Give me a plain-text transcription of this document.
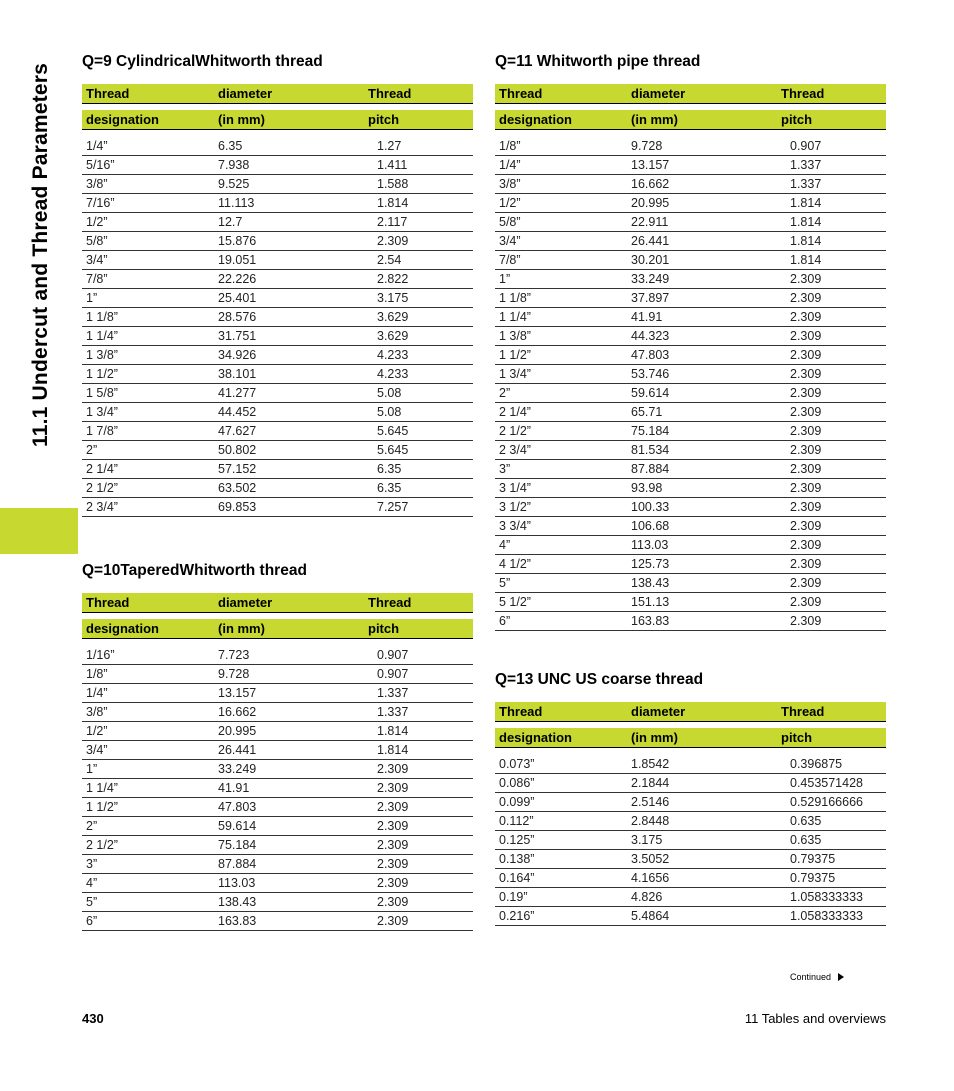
11.1 Undercut and Thread Parameters
Q=9 CylindricalWhitworth thread
Thread	diameter	Thread
designation	(in mm)	pitch
1/4”	6.35	1.27
5/16”	7.938	1.411
3/8”	9.525	1.588
7/16”	11.113	1.814
1/2”	12.7	2.117
5/8”	15.876	2.309
3/4”	19.051	2.54
7/8”	22.226	2.822
1”	25.401	3.175
1 1/8”	28.576	3.629
1 1/4”	31.751	3.629
1 3/8”	34.926	4.233
1 1/2”	38.101	4.233
1 5/8”	41.277	5.08
1 3/4”	44.452	5.08
1 7/8”	47.627	5.645
2”	50.802	5.645
2 1/4”	57.152	6.35
2 1/2”	63.502	6.35
2 3/4”	69.853	7.257
Q=10TaperedWhitworth thread
Thread	diameter	Thread
designation	(in mm)	pitch
1/16”	7.723	0.907
1/8”	9.728	0.907
1/4”	13.157	1.337
3/8”	16.662	1.337
1/2”	20.995	1.814
3/4”	26.441	1.814
1”	33.249	2.309
1 1/4”	41.91	2.309
1 1/2”	47.803	2.309
2”	59.614	2.309
2 1/2”	75.184	2.309
3”	87.884	2.309
4”	113.03	2.309
5”	138.43	2.309
6”	163.83	2.309
Q=11 Whitworth pipe thread
Thread	diameter	Thread
designation	(in mm)	pitch
1/8”	9.728	0.907
1/4”	13.157	1.337
3/8”	16.662	1.337
1/2”	20.995	1.814
5/8”	22.911	1.814
3/4”	26.441	1.814
7/8”	30.201	1.814
1”	33.249	2.309
1 1/8”	37.897	2.309
1 1/4”	41.91	2.309
1 3/8”	44.323	2.309
1 1/2”	47.803	2.309
1 3/4”	53.746	2.309
2”	59.614	2.309
2 1/4”	65.71	2.309
2 1/2”	75.184	2.309
2 3/4”	81.534	2.309
3”	87.884	2.309
3 1/4”	93.98	2.309
3 1/2”	100.33	2.309
3 3/4”	106.68	2.309
4”	113.03	2.309
4 1/2”	125.73	2.309
5”	138.43	2.309
5 1/2”	151.13	2.309
6”	163.83	2.309
Q=13 UNC US coarse thread
Thread	diameter	Thread
designation	(in mm)	pitch
0.073”	1.8542	0.396875
0.086”	2.1844	0.453571428
0.099”	2.5146	0.529166666
0.112”	2.8448	0.635
0.125”	3.175	0.635
0.138”	3.5052	0.79375
0.164”	4.1656	0.79375
0.19”	4.826	1.058333333
0.216”	5.4864	1.058333333
Continued
430	11 Tables and overviews
